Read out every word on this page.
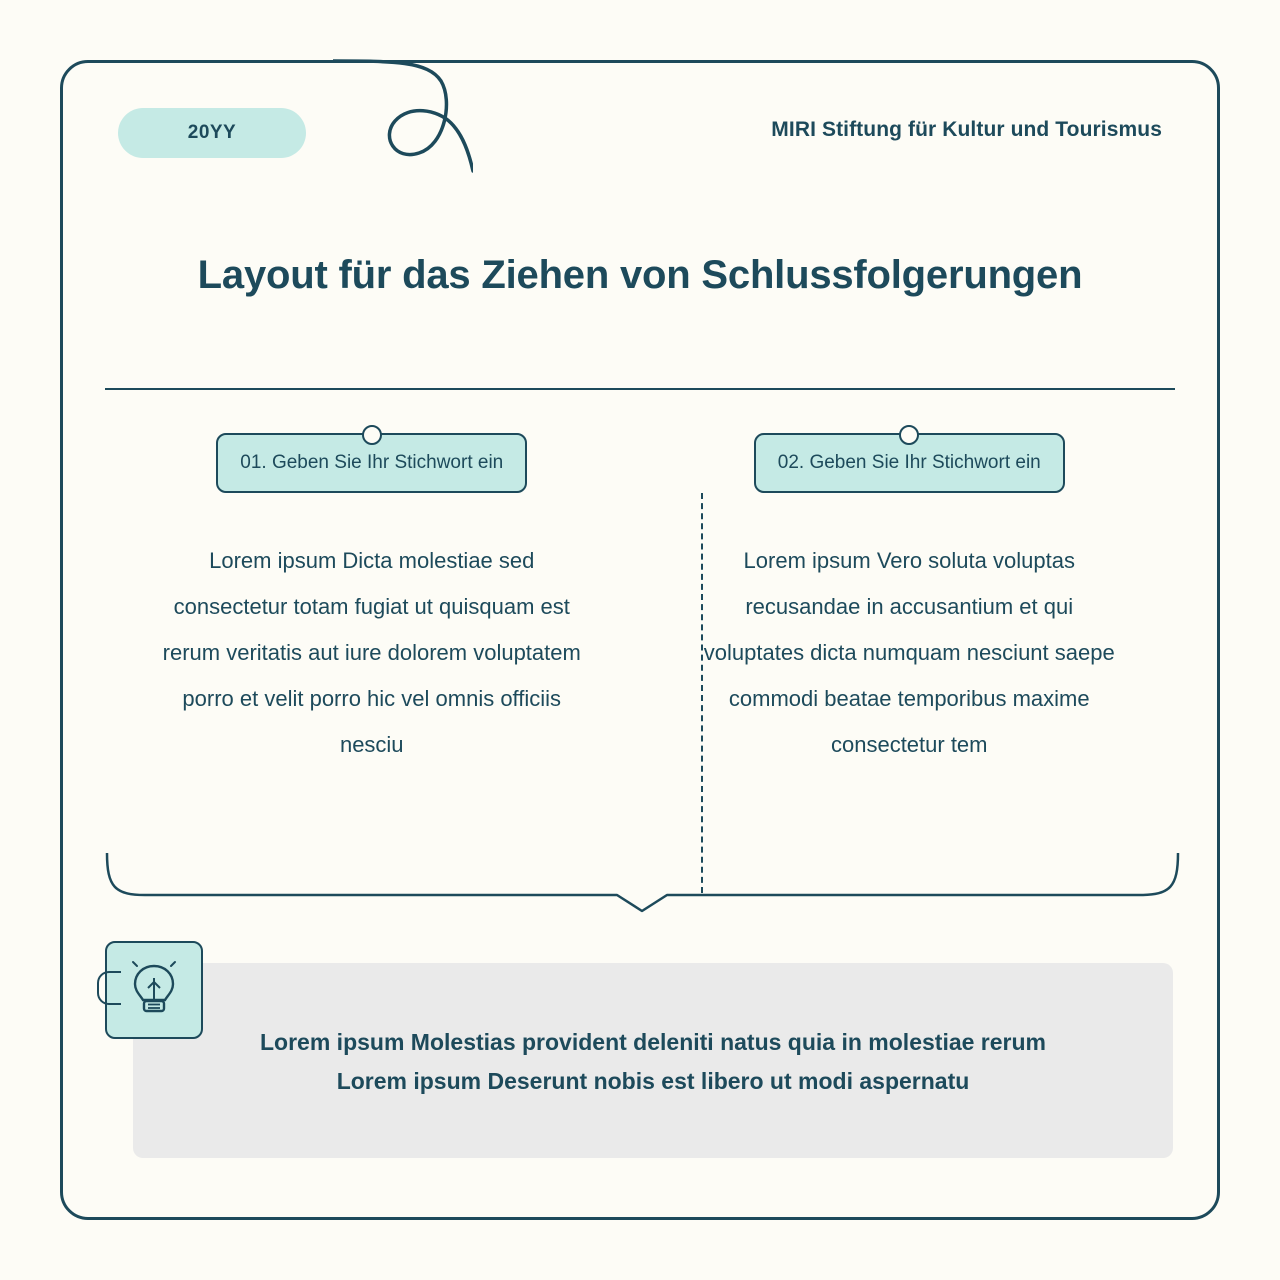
20YY	MIRI Stiftung für Kultur und Tourismus
Layout für das Ziehen von Schlussfolgerungen
01. Geben Sie Ihr Stichwort ein
Lorem ipsum Dicta molestiae sed consectetur totam fugiat ut quisquam est rerum veritatis aut iure dolorem voluptatem porro et velit porro hic vel omnis officiis nesciu
02. Geben Sie Ihr Stichwort ein
Lorem ipsum Vero soluta voluptas recusandae in accusantium et qui voluptates dicta numquam nesciunt saepe commodi beatae temporibus maxime consectetur tem
Lorem ipsum Molestias provident deleniti natus quia in molestiae rerum
Lorem ipsum Deserunt nobis est libero ut modi aspernatu
